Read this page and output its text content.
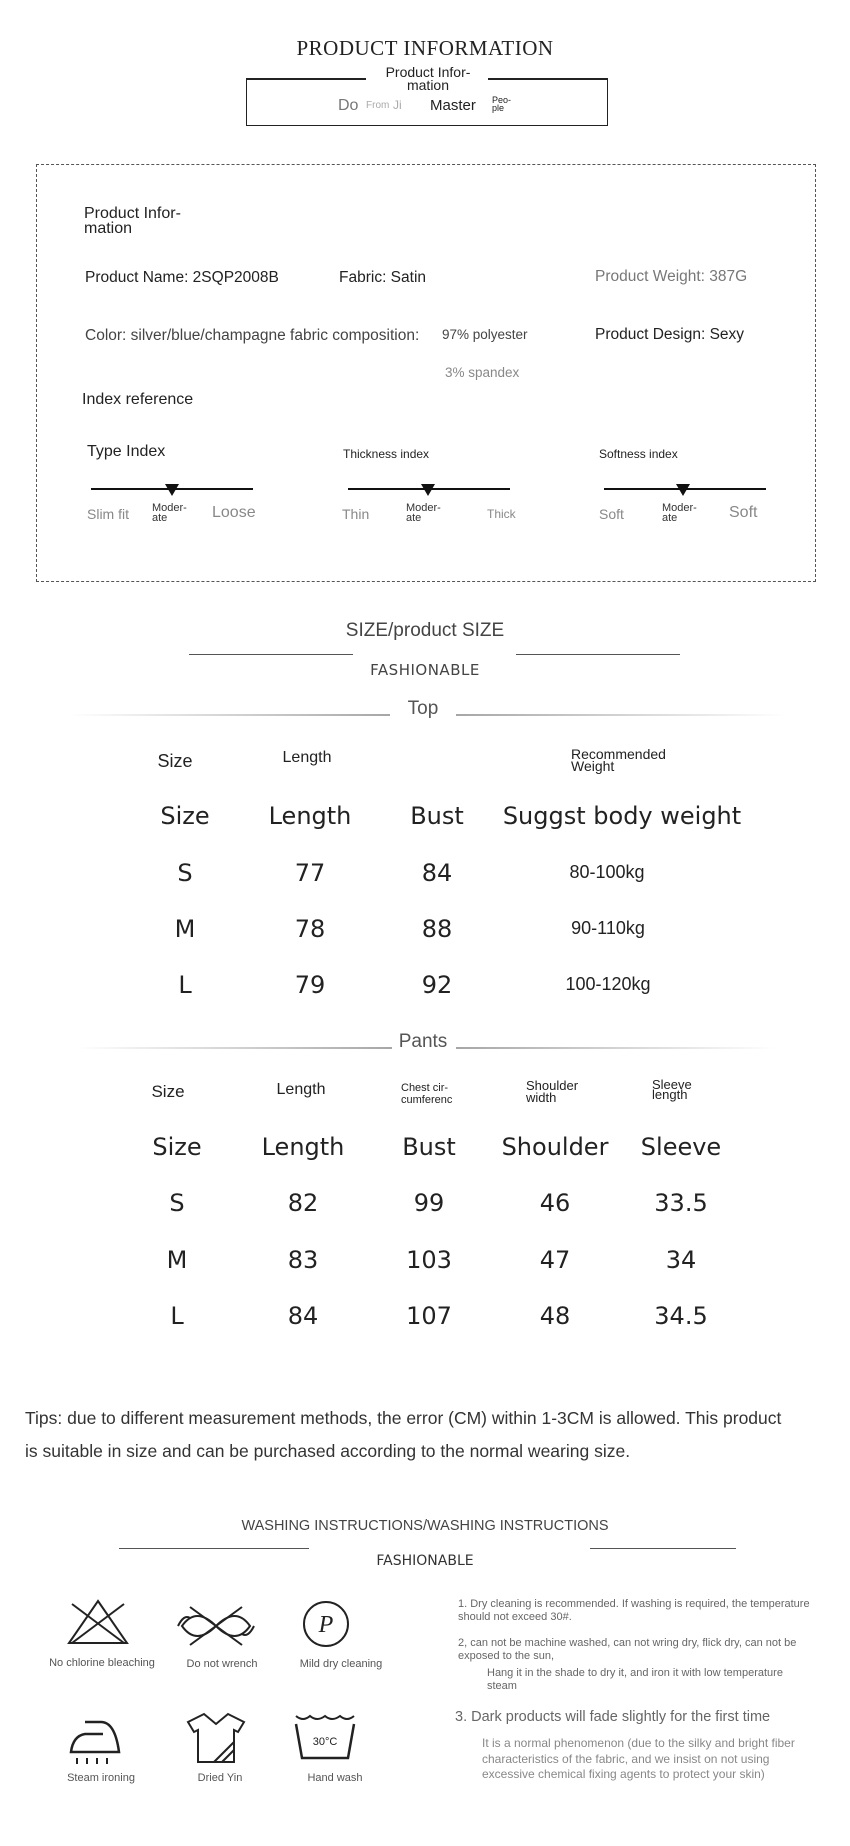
PRODUCT INFORMATION
Product Infor-
mation
Do From Ji Master Peo-
ple
Product Infor-
mation
Product Name: 2SQP2008B	Fabric: Satin	Product Weight: 387G
Color: silver/blue/champagne fabric composition: 97% polyester
3% spandex
Product Design: Sexy
Index reference
Type Index
Slim fit Moder-
ate	Loose
Thickness index
Thin	Moder-
ate	Thick
Softness index
Soft	Moder-
ate	Soft
SIZE/product SIZE
FASHIONABLE
Top
Size	Length	Recommended
Weight
Size Length Bust Suggst body weight
S	77	84	80-100kg
M	78	88	90-110kg
L	79	92	100-120kg
Pants
Size	Length	Chest cir-
cumferenc
Shoulder
width
Sleeve
length
Size Length Bust Shoulder Sleeve
S	82	99	46	33.5
M	83	103	47	34
L	84	107	48	34.5
Tips: due to different measurement methods, the error (CM) within 1-3CM is allowed. This product is suitable in size and can be purchased according to the normal wearing size.
WASHING INSTRUCTIONS/WASHING INSTRUCTIONS
FASHIONABLE
No chlorine bleaching	Do not wrench
P
Mild dry cleaning
Steam ironing	Dried Yin
30°C
Hand wash
1. Dry cleaning is recommended. If washing is required, the temperature should not exceed 30#.
2, can not be machine washed, can not wring dry, flick dry, can not be exposed to the sun,
Hang it in the shade to dry it, and iron it with low temperature steam
3. Dark products will fade slightly for the first time
It is a normal phenomenon (due to the silky and bright fiber characteristics of the fabric, and we insist on not using excessive chemical fixing agents to protect your skin)
